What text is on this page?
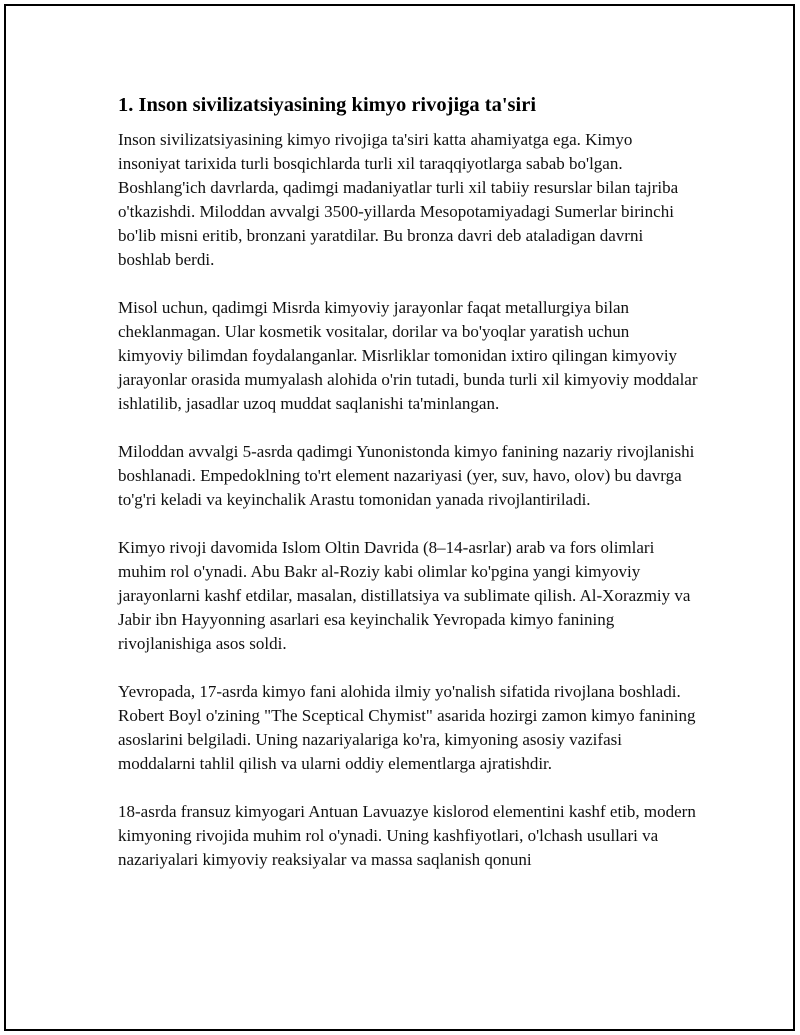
1. Inson sivilizatsiyasining kimyo rivojiga ta'siri

Inson sivilizatsiyasining kimyo rivojiga ta'siri katta ahamiyatga ega. Kimyo insoniyat tarixida turli bosqichlarda turli xil taraqqiyotlarga sabab bo'lgan. Boshlang'ich davrlarda, qadimgi madaniyatlar turli xil tabiiy resurslar bilan tajriba o'tkazishdi. Miloddan avvalgi 3500-yillarda Mesopotamiyadagi Sumerlar birinchi bo'lib misni eritib, bronzani yaratdilar. Bu bronza davri deb ataladigan davrni boshlab berdi.

Misol uchun, qadimgi Misrda kimyoviy jarayonlar faqat metallurgiya bilan cheklanmagan. Ular kosmetik vositalar, dorilar va bo'yoqlar yaratish uchun kimyoviy bilimdan foydalanganlar. Misrliklar tomonidan ixtiro qilingan kimyoviy jarayonlar orasida mumyalash alohida o'rin tutadi, bunda turli xil kimyoviy moddalar ishlatilib, jasadlar uzoq muddat saqlanishi ta'minlangan.

Miloddan avvalgi 5-asrda qadimgi Yunonistonda kimyo fanining nazariy rivojlanishi boshlanadi. Empedoklning to'rt element nazariyasi (yer, suv, havo, olov) bu davrga to'g'ri keladi va keyinchalik Arastu tomonidan yanada rivojlantiriladi.

Kimyo rivoji davomida Islom Oltin Davrida (8–14-asrlar) arab va fors olimlari muhim rol o'ynadi. Abu Bakr al-Roziy kabi olimlar ko'pgina yangi kimyoviy jarayonlarni kashf etdilar, masalan, distillatsiya va sublimate qilish. Al-Xorazmiy va Jabir ibn Hayyonning asarlari esa keyinchalik Yevropada kimyo fanining rivojlanishiga asos soldi.

Yevropada, 17-asrda kimyo fani alohida ilmiy yo'nalish sifatida rivojlana boshladi. Robert Boyl o'zining "The Sceptical Chymist" asarida hozirgi zamon kimyo fanining asoslarini belgiladi. Uning nazariyalariga ko'ra, kimyoning asosiy vazifasi moddalarni tahlil qilish va ularni oddiy elementlarga ajratishdir.

18-asrda fransuz kimyogari Antuan Lavuazye kislorod elementini kashf etib, modern kimyoning rivojida muhim rol o'ynadi. Uning kashfiyotlari, o'lchash usullari va nazariyalari kimyoviy reaksiyalar va massa saqlanish qonuni
